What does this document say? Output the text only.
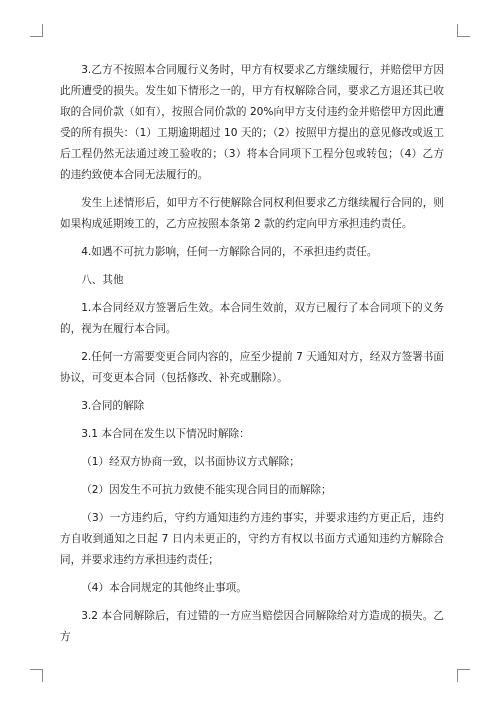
3.乙方不按照本合同履行义务时，甲方有权要求乙方继续履行，并赔偿甲方因此所遭受的损失。发生如下情形之一的，甲方有权解除合同，要求乙方退还其已收取的合同价款（如有），按照合同价款的 20%向甲方支付违约金并赔偿甲方因此遭受的所有损失：（1）工期逾期超过 10 天的；（2）按照甲方提出的意见修改或返工后工程仍然无法通过竣工验收的；（3）将本合同项下工程分包或转包；（4）乙方的违约致使本合同无法履行的。

发生上述情形后，如甲方不行使解除合同权利但要求乙方继续履行合同的，则如果构成延期竣工的，乙方应按照本条第 2 款的约定向甲方承担违约责任。

4.如遇不可抗力影响，任何一方解除合同的，不承担违约责任。

八、其他

1.本合同经双方签署后生效。本合同生效前，双方已履行了本合同项下的义务的，视为在履行本合同。

2.任何一方需要变更合同内容的，应至少提前 7 天通知对方，经双方签署书面协议，可变更本合同（包括修改、补充或删除）。

3.合同的解除

3.1 本合同在发生以下情况时解除：

（1）经双方协商一致，以书面协议方式解除；

（2）因发生不可抗力致使不能实现合同目的而解除；

（3）一方违约后，守约方通知违约方违约事实，并要求违约方更正后，违约方自收到通知之日起 7 日内未更正的，守约方有权以书面方式通知违约方解除合同，并要求违约方承担违约责任；

（4）本合同规定的其他终止事项。

3.2 本合同解除后，有过错的一方应当赔偿因合同解除给对方造成的损失。乙方
